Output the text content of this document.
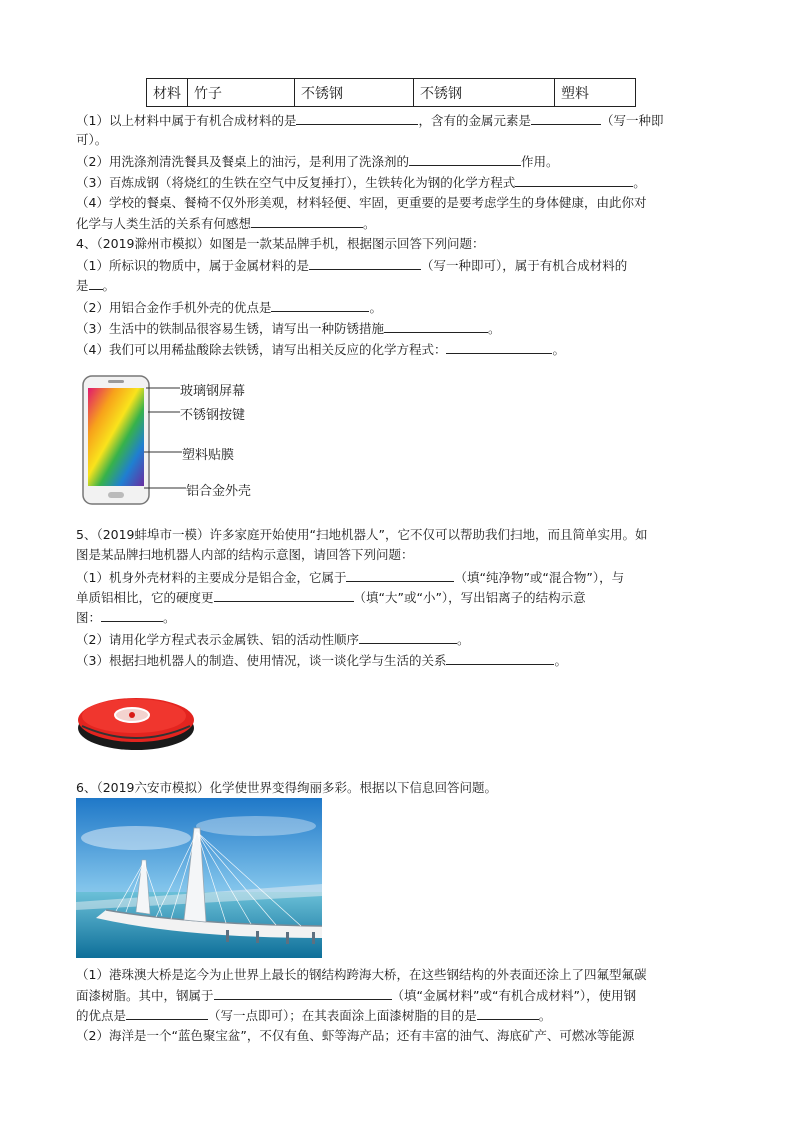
材料	竹子	不锈钢	不锈钢	塑料
（1）以上材料中属于有机合成材料的是	，含有的金属元素是	（写一种即
可）。
（2）用洗涤剂清洗餐具及餐桌上的油污，是利用了洗涤剂的	作用。
（3）百炼成钢（将烧红的生铁在空气中反复捶打），生铁转化为钢的化学方程式	。
（4）学校的餐桌、餐椅不仅外形美观，材料轻便、牢固，更重要的是要考虑学生的身体健康，由此你对
化学与人类生活的关系有何感想	。
4、（2019滁州市模拟）如图是一款某品牌手机，根据图示回答下列问题：
（1）所标识的物质中，属于金属材料的是	（写一种即可），属于有机合成材料的
是 。
（2）用铝合金作手机外壳的优点是	。
（3）生活中的铁制品很容易生锈，请写出一种防锈措施	。
（4）我们可以用稀盐酸除去铁锈，请写出相关反应的化学方程式：	。
玻璃钢屏幕
不锈钢按键
塑料贴膜
铝合金外壳
5、（2019蚌埠市一模）许多家庭开始使用“扫地机器人”，它不仅可以帮助我们扫地，而且简单实用。如
图是某品牌扫地机器人内部的结构示意图，请回答下列问题：
（1）机身外壳材料的主要成分是铝合金，它属于	（填“纯净物”或“混合物”），与
单质铝相比，它的硬度更	（填“大”或“小”），写出铝离子的结构示意
图：	。
（2）请用化学方程式表示金属铁、铝的活动性顺序	。
（3）根据扫地机器人的制造、使用情况，谈一谈化学与生活的关系	。
6、（2019六安市模拟）化学使世界变得绚丽多彩。根据以下信息回答问题。
（1）港珠澳大桥是迄今为止世界上最长的钢结构跨海大桥，在这些钢结构的外表面还涂上了四氟型氟碳
面漆树脂。其中，钢属于	（填“金属材料”或“有机合成材料”），使用钢
的优点是	（写一点即可）；在其表面涂上面漆树脂的目的是	。
（2）海洋是一个“蓝色聚宝盆”，不仅有鱼、虾等海产品；还有丰富的油气、海底矿产、可燃冰等能源
